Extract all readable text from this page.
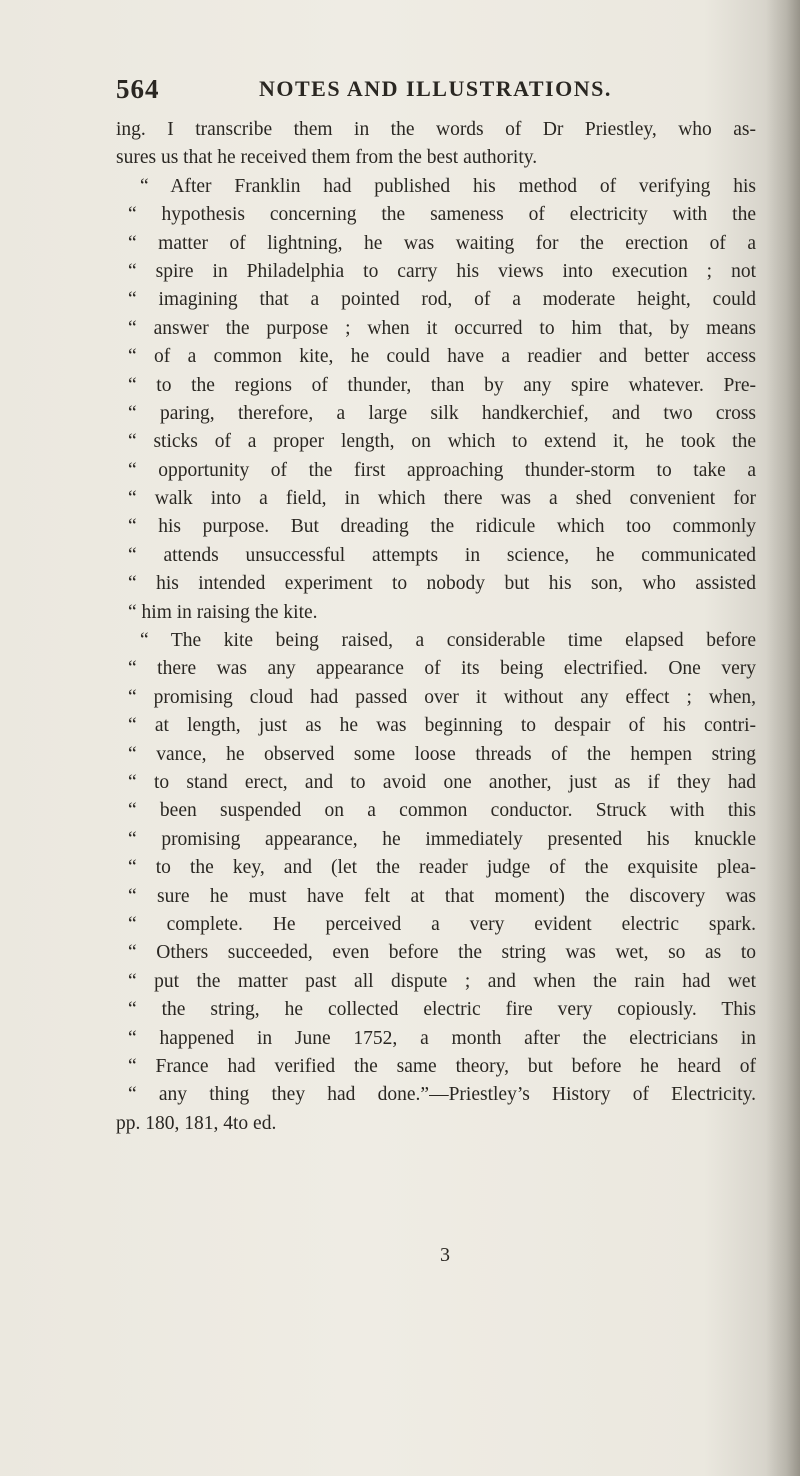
564	NOTES AND ILLUSTRATIONS.
ing. I transcribe them in the words of Dr Priestley, who as-
sures us that he received them from the best authority.
“ After Franklin had published his method of verifying his
“ hypothesis concerning the sameness of electricity with the
“ matter of lightning, he was waiting for the erection of a
“ spire in Philadelphia to carry his views into execution ; not
“ imagining that a pointed rod, of a moderate height, could
“ answer the purpose ; when it occurred to him that, by means
“ of a common kite, he could have a readier and better access
“ to the regions of thunder, than by any spire whatever. Pre-
“ paring, therefore, a large silk handkerchief, and two cross
“ sticks of a proper length, on which to extend it, he took the
“ opportunity of the first approaching thunder-storm to take a
“ walk into a field, in which there was a shed convenient for
“ his purpose. But dreading the ridicule which too commonly
“ attends unsuccessful attempts in science, he communicated
“ his intended experiment to nobody but his son, who assisted
“ him in raising the kite.
“ The kite being raised, a considerable time elapsed before
“ there was any appearance of its being electrified. One very
“ promising cloud had passed over it without any effect ; when,
“ at length, just as he was beginning to despair of his contri-
“ vance, he observed some loose threads of the hempen string
“ to stand erect, and to avoid one another, just as if they had
“ been suspended on a common conductor. Struck with this
“ promising appearance, he immediately presented his knuckle
“ to the key, and (let the reader judge of the exquisite plea-
“ sure he must have felt at that moment) the discovery was
“ complete. He perceived a very evident electric spark.
“ Others succeeded, even before the string was wet, so as to
“ put the matter past all dispute ; and when the rain had wet
“ the string, he collected electric fire very copiously. This
“ happened in June 1752, a month after the electricians in
“ France had verified the same theory, but before he heard of
“ any thing they had done.”—Priestley’s History of Electricity.
pp. 180, 181, 4to ed.
3
